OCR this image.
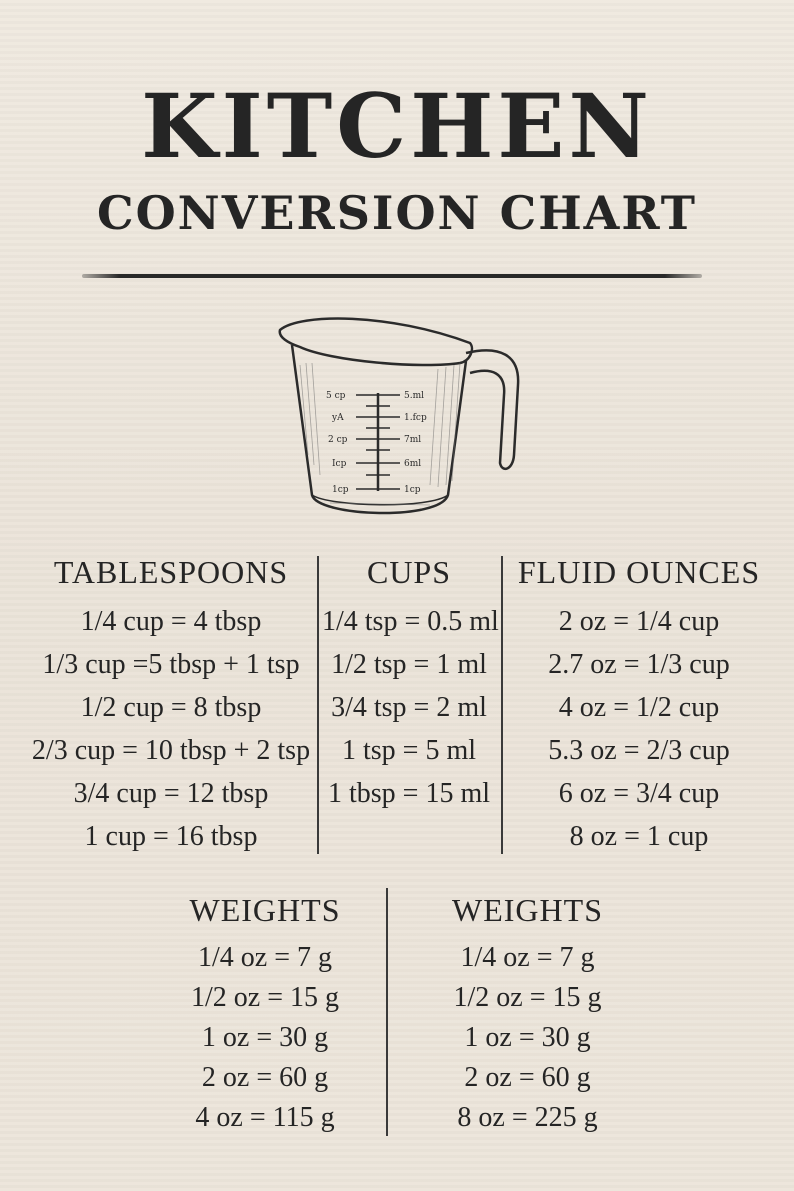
KITCHEN
CONVERSION CHART
5 cp
yA
2 cp
Icp
1cp
5.ml
1.fcp
7ml
6ml
1cp
TABLESPOONS
1/4 cup = 4 tbsp
1/3 cup =5 tbsp + 1 tsp
1/2 cup = 8 tbsp
2/3 cup = 10 tbsp + 2 tsp
3/4 cup = 12 tbsp
1 cup = 16 tbsp
CUPS
1/4 tsp = 0.5 ml
1/2 tsp = 1 ml
3/4 tsp = 2 ml
1 tsp = 5 ml
1 tbsp = 15 ml
FLUID OUNCES
2 oz = 1/4 cup
2.7 oz = 1/3 cup
4 oz = 1/2 cup
5.3 oz = 2/3 cup
6 oz = 3/4 cup
8 oz = 1 cup
WEIGHTS
1/4 oz = 7 g
1/2 oz = 15 g
1 oz = 30 g
2 oz = 60 g
4 oz = 115 g
WEIGHTS
1/4 oz = 7 g
1/2 oz = 15 g
1 oz = 30 g
2 oz = 60 g
8 oz = 225 g
